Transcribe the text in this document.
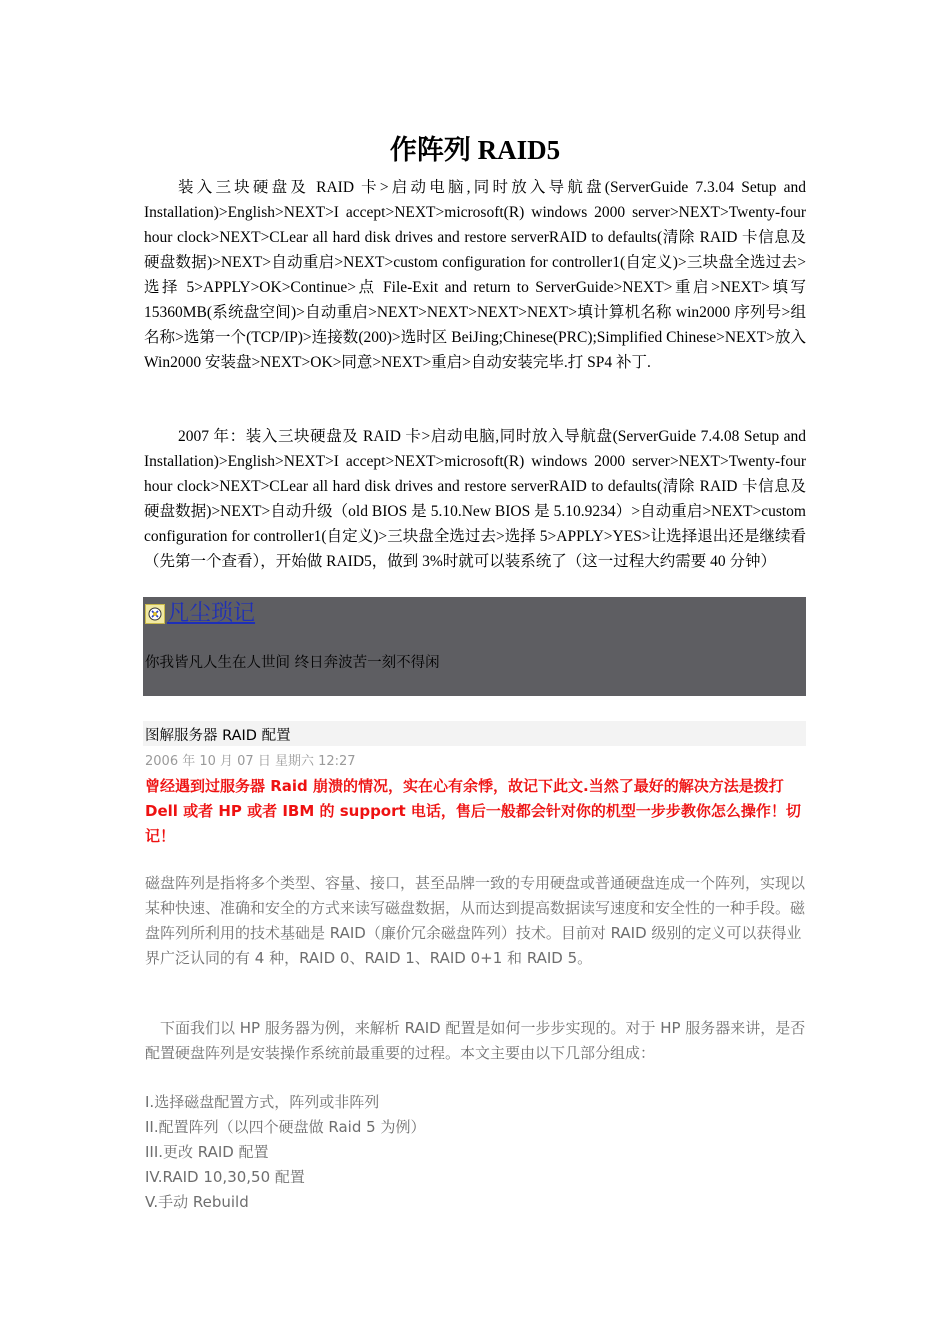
作阵列 RAID5

装入三块硬盘及 RAID 卡>启动电脑,同时放入导航盘(ServerGuide 7.3.04 Setup and Installation)>English>NEXT>I accept>NEXT>microsoft(R) windows 2000 server>NEXT>Twenty-four hour clock>NEXT>CLear all hard disk drives and restore serverRAID to defaults(清除 RAID 卡信息及硬盘数据)>NEXT>自动重启>NEXT>custom configuration for controller1(自定义)>三块盘全选过去>选择 5>APPLY>OK>Continue>点 File-Exit and return to ServerGuide>NEXT>重启>NEXT>填写 15360MB(系统盘空间)>自动重启>NEXT>NEXT>NEXT>NEXT>填计算机名称 win2000 序列号>组名称>选第一个(TCP/IP)>连接数(200)>选时区 BeiJing;Chinese(PRC);Simplified Chinese>NEXT>放入 Win2000 安装盘>NEXT>OK>同意>NEXT>重启>自动安装完毕.打 SP4 补丁.

2007 年：装入三块硬盘及 RAID 卡>启动电脑,同时放入导航盘(ServerGuide 7.4.08 Setup and Installation)>English>NEXT>I accept>NEXT>microsoft(R) windows 2000 server>NEXT>Twenty-four hour clock>NEXT>CLear all hard disk drives and restore serverRAID to defaults(清除 RAID 卡信息及硬盘数据)>NEXT>自动升级（old BIOS 是 5.10.New BIOS 是 5.10.9234）>自动重启>NEXT>custom configuration for controller1(自定义)>三块盘全选过去>选择 5>APPLY>YES>让选择退出还是继续看（先第一个查看），开始做 RAID5，做到 3%时就可以装系统了（这一过程大约需要 40 分钟）

凡尘琐记
你我皆凡人生在人世间 终日奔波苦一刻不得闲
图解服务器 RAID 配置
2006 年 10 月 07 日 星期六 12:27

曾经遇到过服务器 Raid 崩溃的情况，实在心有余悸，故记下此文.当然了最好的解决方法是拨打 Dell 或者 HP 或者 IBM 的 support 电话，售后一般都会针对你的机型一步步教你怎么操作！切记！

磁盘阵列是指将多个类型、容量、接口，甚至品牌一致的专用硬盘或普通硬盘连成一个阵列，实现以某种快速、准确和安全的方式来读写磁盘数据，从而达到提高数据读写速度和安全性的一种手段。磁盘阵列所利用的技术基础是 RAID（廉价冗余磁盘阵列）技术。目前对 RAID 级别的定义可以获得业界广泛认同的有 4 种，RAID 0、RAID 1、RAID 0+1 和 RAID 5。

下面我们以 HP 服务器为例，来解析 RAID 配置是如何一步步实现的。对于 HP 服务器来讲，是否配置硬盘阵列是安装操作系统前最重要的过程。本文主要由以下几部分组成：

I.选择磁盘配置方式，阵列或非阵列
II.配置阵列（以四个硬盘做 Raid 5 为例）
III.更改 RAID 配置
IV.RAID 10,30,50 配置
V.手动 Rebuild
